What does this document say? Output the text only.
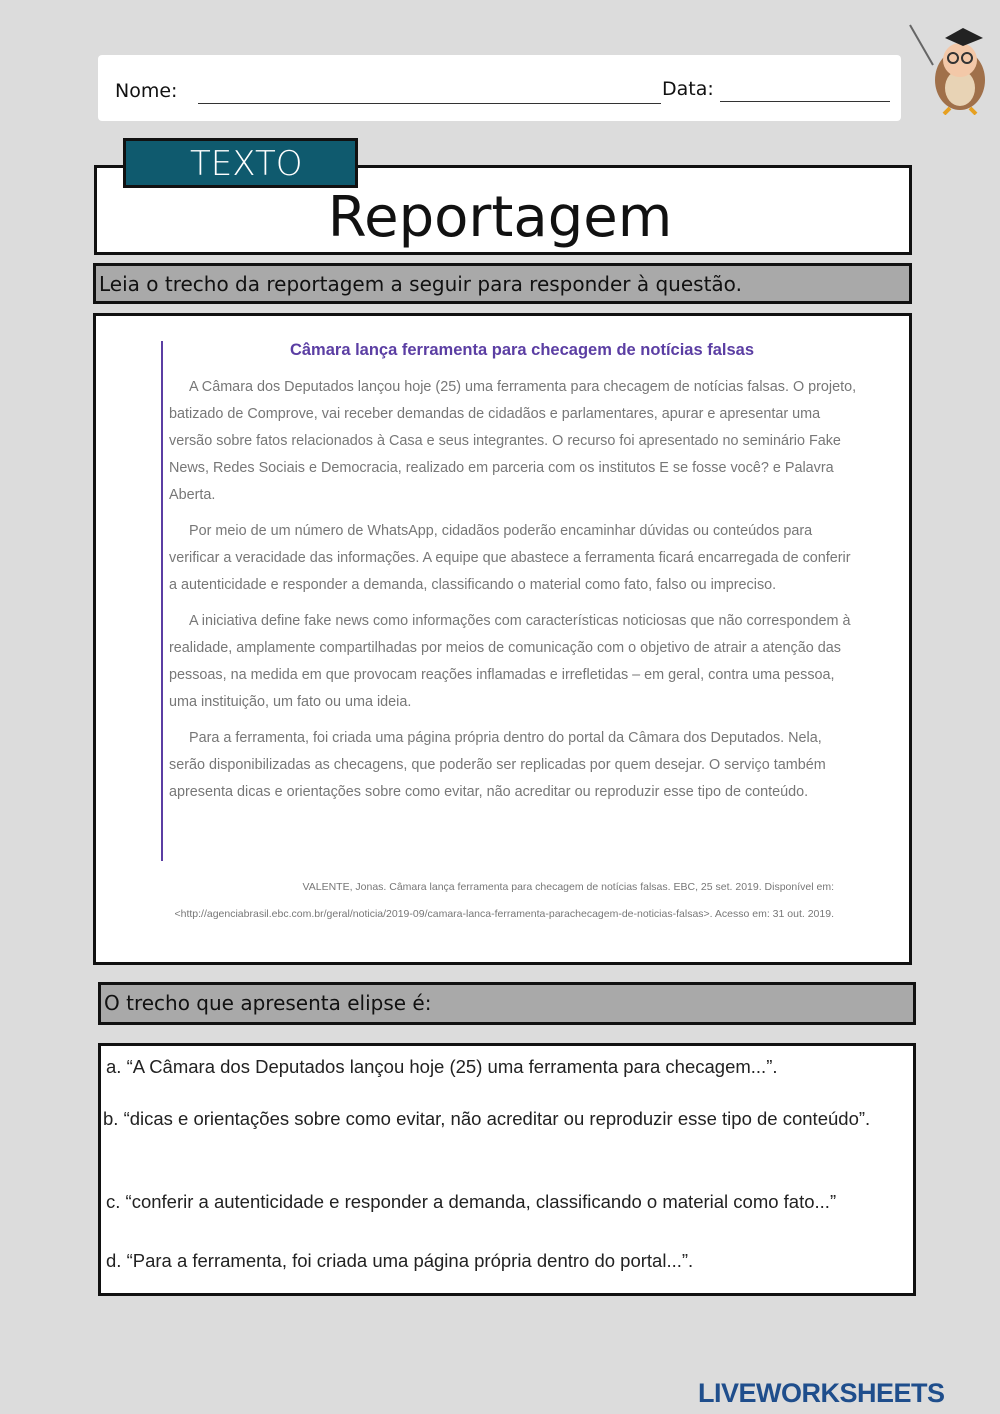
Nome:	Data:
TEXTO
Reportagem
Leia o trecho da reportagem a seguir para responder à questão.
Câmara lança ferramenta para checagem de notícias falsas

A Câmara dos Deputados lançou hoje (25) uma ferramenta para checagem de notícias falsas. O projeto, batizado de Comprove, vai receber demandas de cidadãos e parlamentares, apurar e apresentar uma versão sobre fatos relacionados à Casa e seus integrantes. O recurso foi apresentado no seminário Fake News, Redes Sociais e Democracia, realizado em parceria com os institutos E se fosse você? e Palavra Aberta.

Por meio de um número de WhatsApp, cidadãos poderão encaminhar dúvidas ou conteúdos para verificar a veracidade das informações. A equipe que abastece a ferramenta ficará encarregada de conferir a autenticidade e responder a demanda, classificando o material como fato, falso ou impreciso.

A iniciativa define fake news como informações com características noticiosas que não correspondem à realidade, amplamente compartilhadas por meios de comunicação com o objetivo de atrair a atenção das pessoas, na medida em que provocam reações inflamadas e irrefletidas – em geral, contra uma pessoa, uma instituição, um fato ou uma ideia.

Para a ferramenta, foi criada uma página própria dentro do portal da Câmara dos Deputados. Nela, serão disponibilizadas as checagens, que poderão ser replicadas por quem desejar. O serviço também apresenta dicas e orientações sobre como evitar, não acreditar ou reproduzir esse tipo de conteúdo.

VALENTE, Jonas. Câmara lança ferramenta para checagem de notícias falsas. EBC, 25 set. 2019. Disponível em: <http://agenciabrasil.ebc.com.br/geral/noticia/2019-09/camara-lanca-ferramenta-parachecagem-de-noticias-falsas>. Acesso em: 31 out. 2019.
O trecho que apresenta elipse é:
a. “A Câmara dos Deputados lançou hoje (25) uma ferramenta para checagem...”.
b. “dicas e orientações sobre como evitar, não acreditar ou reproduzir esse tipo de conteúdo”.
c. “conferir a autenticidade e responder a demanda, classificando o material como fato...”
d. “Para a ferramenta, foi criada uma página própria dentro do portal...”.
LIVEWORKSHEETS
